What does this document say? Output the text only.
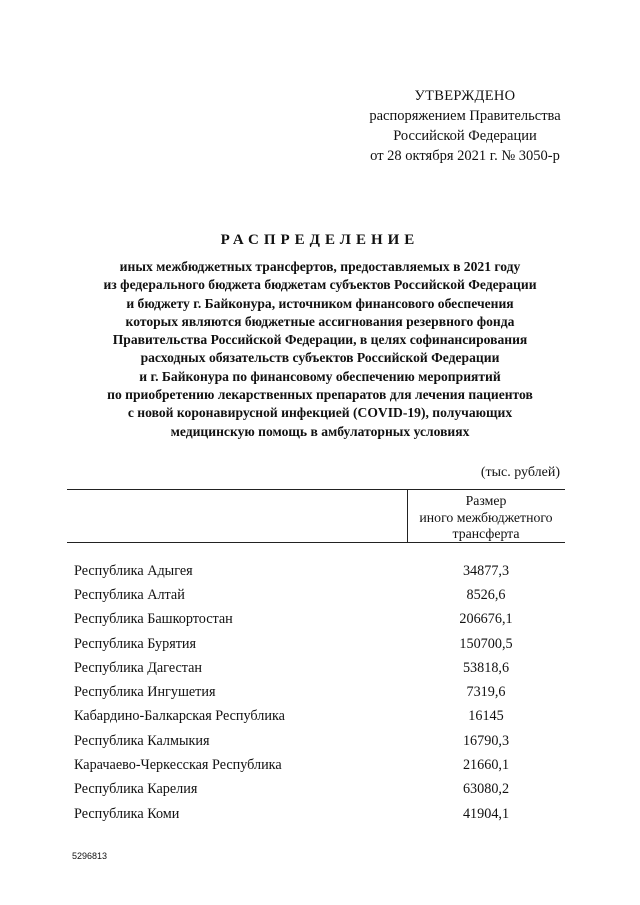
УТВЕРЖДЕНО
распоряжением Правительства
Российской Федерации
от 28 октября 2021 г. № 3050-р
РАСПРЕДЕЛЕНИЕ
иных межбюджетных трансфертов, предоставляемых в 2021 году
из федерального бюджета бюджетам субъектов Российской Федерации
и бюджету г. Байконура, источником финансового обеспечения
которых являются бюджетные ассигнования резервного фонда
Правительства Российской Федерации, в целях софинансирования
расходных обязательств субъектов Российской Федерации
и г. Байконура по финансовому обеспечению мероприятий
по приобретению лекарственных препаратов для лечения пациентов
с новой коронавирусной инфекцией (COVID-19), получающих
медицинскую помощь в амбулаторных условиях
(тыс. рублей)
Размер
иного межбюджетного
трансферта
Республика Адыгея	34877,3
Республика Алтай	8526,6
Республика Башкортостан	206676,1
Республика Бурятия	150700,5
Республика Дагестан	53818,6
Республика Ингушетия	7319,6
Кабардино-Балкарская Республика	16145
Республика Калмыкия	16790,3
Карачаево-Черкесская Республика	21660,1
Республика Карелия	63080,2
Республика Коми	41904,1
5296813
